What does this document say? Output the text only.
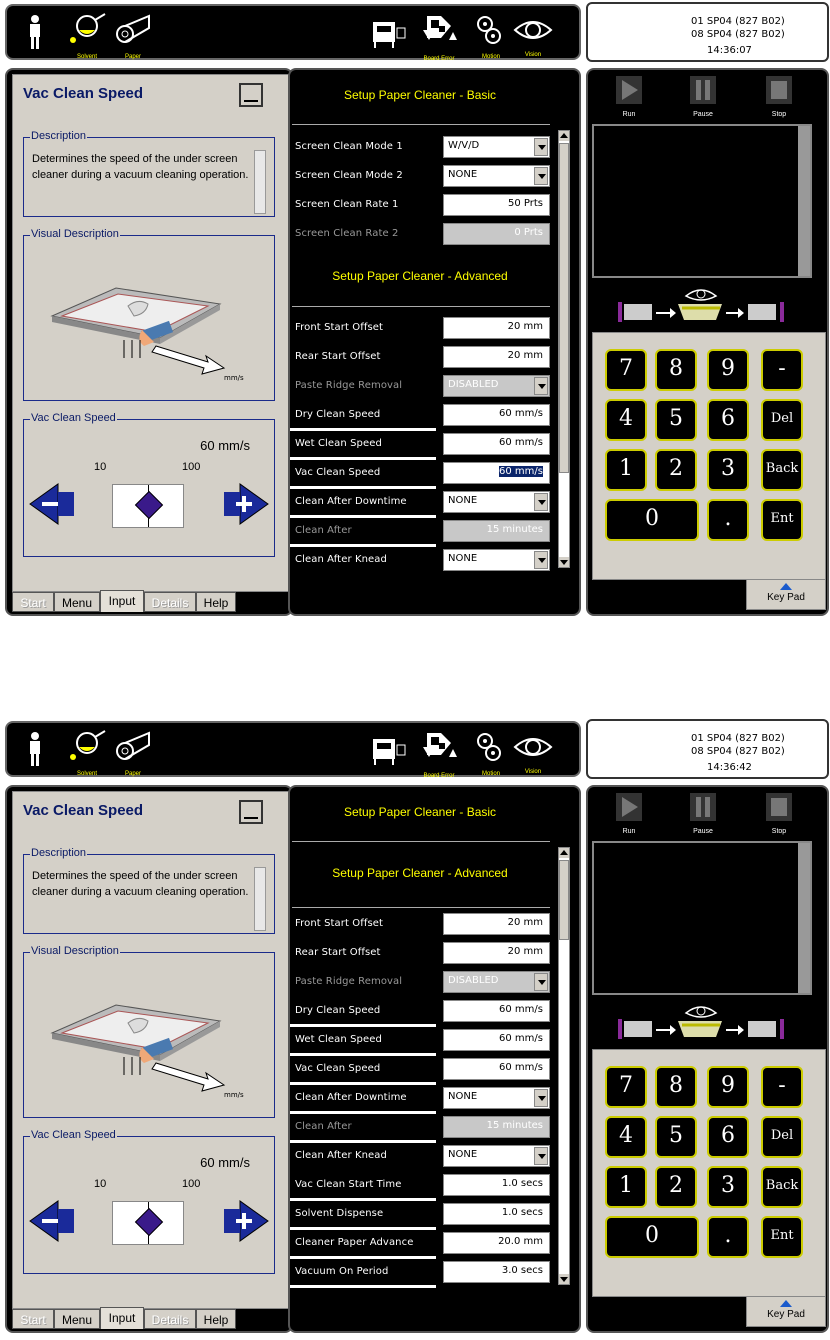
Solvent	Paper	Board Error	Motion	Vision
01 SP04 (827 B02)
08 SP04 (827 B02)
14:36:07
Vac Clean Speed
Description
Determines the speed of the under screen cleaner during a vacuum cleaning operation.
Visual Description
mm/s
Vac Clean Speed
60 mm/s
10	100
Start	Menu	Input	Details	Help
Setup Paper Cleaner - Basic
Screen Clean Mode 1	W/V/D
Screen Clean Mode 2	NONE
Screen Clean Rate 1	50 Prts
Screen Clean Rate 2	0 Prts
Setup Paper Cleaner - Advanced
Front Start Offset	20 mm
Rear Start Offset	20 mm
Paste Ridge Removal	DISABLED
Dry Clean Speed	60 mm/s
Wet Clean Speed	60 mm/s
Vac Clean Speed	60 mm/s
Clean After Downtime	NONE
Clean After	15 minutes
Clean After Knead	NONE
Run	Pause	Stop
7	8	9	-
4	5	6	Del
1	2	3	Back
0	.	Ent
Key Pad
Solvent	Paper	Board Error	Motion	Vision
01 SP04 (827 B02)
08 SP04 (827 B02)
14:36:42
Vac Clean Speed
Description
Determines the speed of the under screen cleaner during a vacuum cleaning operation.
Visual Description
mm/s
Vac Clean Speed
60 mm/s
10	100
Start	Menu	Input	Details	Help
Setup Paper Cleaner - Basic
Setup Paper Cleaner - Advanced
Front Start Offset	20 mm
Rear Start Offset	20 mm
Paste Ridge Removal	DISABLED
Dry Clean Speed	60 mm/s
Wet Clean Speed	60 mm/s
Vac Clean Speed	60 mm/s
Clean After Downtime	NONE
Clean After	15 minutes
Clean After Knead	NONE
Vac Clean Start Time	1.0 secs
Solvent Dispense	1.0 secs
Cleaner Paper Advance	20.0 mm
Vacuum On Period	3.0 secs
Run	Pause	Stop
7	8	9	-
4	5	6	Del
1	2	3	Back
0	.	Ent
Key Pad
